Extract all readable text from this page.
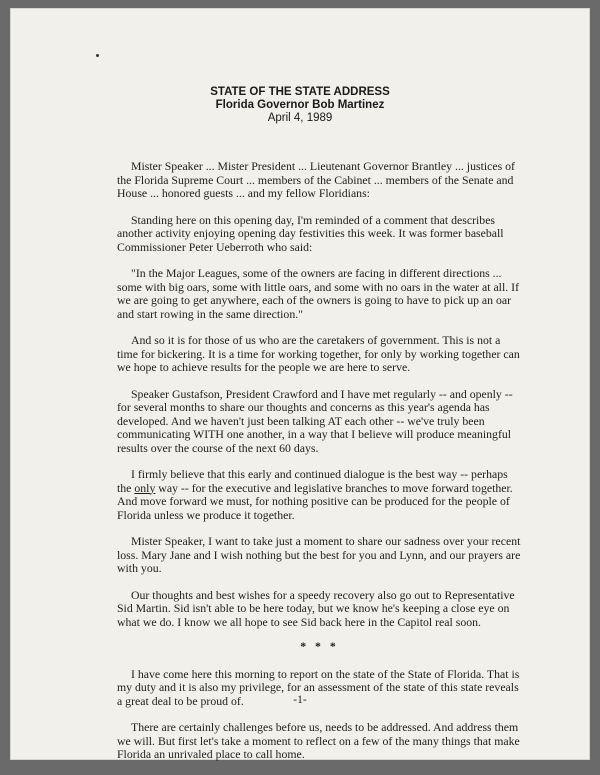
STATE OF THE STATE ADDRESS
Florida Governor Bob Martinez
April 4, 1989

Mister Speaker ... Mister President ... Lieutenant Governor Brantley ... justices of the Florida Supreme Court ... members of the Cabinet ... members of the Senate and House ... honored guests ... and my fellow Floridians:

Standing here on this opening day, I'm reminded of a comment that describes another activity enjoying opening day festivities this week. It was former baseball Commissioner Peter Ueberroth who said:

"In the Major Leagues, some of the owners are facing in different directions ... some with big oars, some with little oars, and some with no oars in the water at all. If we are going to get anywhere, each of the owners is going to have to pick up an oar and start rowing in the same direction."

And so it is for those of us who are the caretakers of government. This is not a time for bickering. It is a time for working together, for only by working together can we hope to achieve results for the people we are here to serve.

Speaker Gustafson, President Crawford and I have met regularly -- and openly -- for several months to share our thoughts and concerns as this year's agenda has developed. And we haven't just been talking AT each other -- we've truly been communicating WITH one another, in a way that I believe will produce meaningful results over the course of the next 60 days.

I firmly believe that this early and continued dialogue is the best way -- perhaps the only way -- for the executive and legislative branches to move forward together. And move forward we must, for nothing positive can be produced for the people of Florida unless we produce it together.

Mister Speaker, I want to take just a moment to share our sadness over your recent loss. Mary Jane and I wish nothing but the best for you and Lynn, and our prayers are with you.

Our thoughts and best wishes for a speedy recovery also go out to Representative Sid Martin. Sid isn't able to be here today, but we know he's keeping a close eye on what we do. I know we all hope to see Sid back here in the Capitol real soon.

* * *

I have come here this morning to report on the state of the State of Florida. That is my duty and it is also my privilege, for an assessment of the state of this state reveals a great deal to be proud of.

There are certainly challenges before us, needs to be addressed. And address them we will. But first let's take a moment to reflect on a few of the many things that make Florida an unrivaled place to call home.

-1-
